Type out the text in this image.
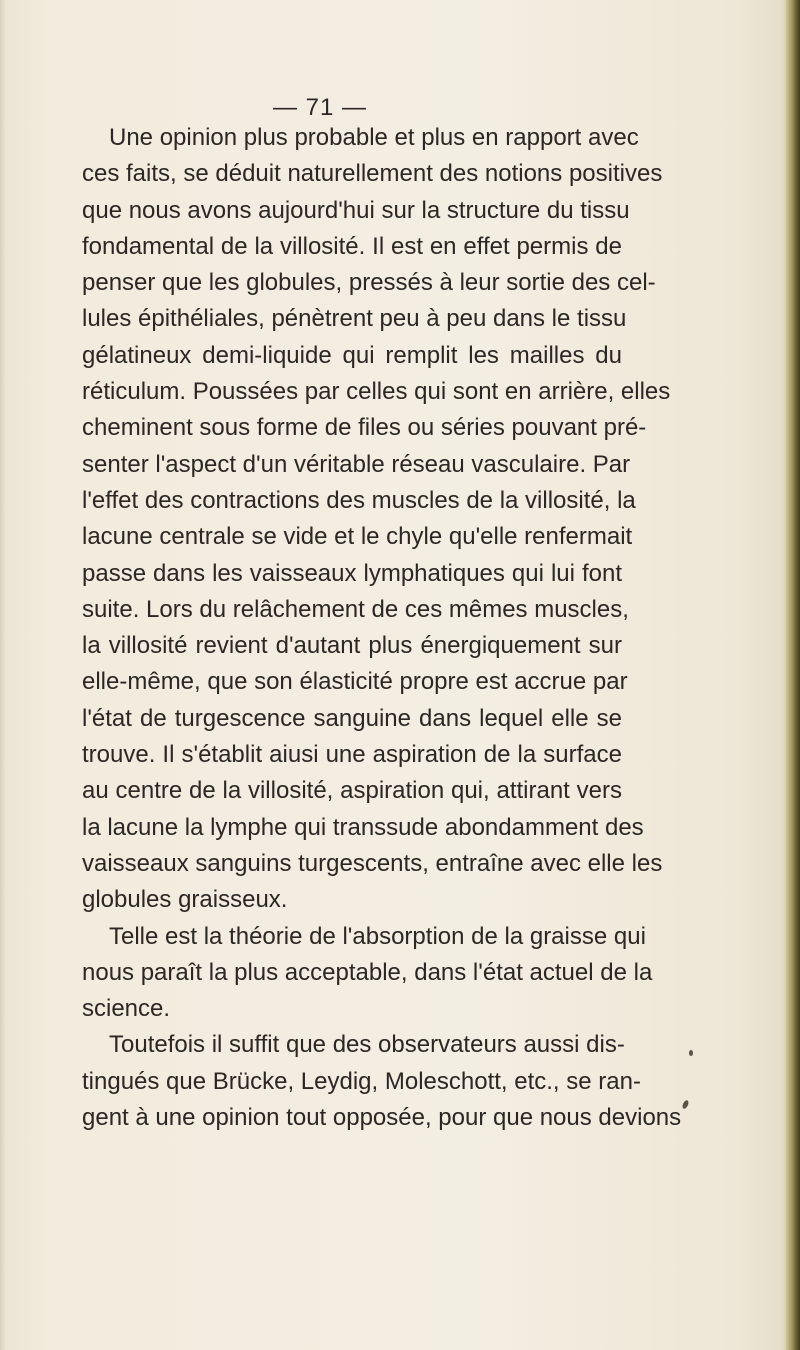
— 71 —
Une opinion plus probable et plus en rapport avec
ces faits, se déduit naturellement des notions positives
que nous avons aujourd'hui sur la structure du tissu
fondamental de la villosité. Il est en effet permis de
penser que les globules, pressés à leur sortie des cel-
lules épithéliales, pénètrent peu à peu dans le tissu
gélatineux demi-liquide qui remplit les mailles du
réticulum. Poussées par celles qui sont en arrière, elles
cheminent sous forme de files ou séries pouvant pré-
senter l'aspect d'un véritable réseau vasculaire. Par
l'effet des contractions des muscles de la villosité, la
lacune centrale se vide et le chyle qu'elle renfermait
passe dans les vaisseaux lymphatiques qui lui font
suite. Lors du relâchement de ces mêmes muscles,
la villosité revient d'autant plus énergiquement sur
elle-même, que son élasticité propre est accrue par
l'état de turgescence sanguine dans lequel elle se
trouve. Il s'établit aiusi une aspiration de la surface
au centre de la villosité, aspiration qui, attirant vers
la lacune la lymphe qui transsude abondamment des
vaisseaux sanguins turgescents, entraîne avec elle les
globules graisseux.
Telle est la théorie de l'absorption de la graisse qui
nous paraît la plus acceptable, dans l'état actuel de la
science.
Toutefois il suffit que des observateurs aussi dis-
tingués que Brücke, Leydig, Moleschott, etc., se ran-
gent à une opinion tout opposée, pour que nous devions
